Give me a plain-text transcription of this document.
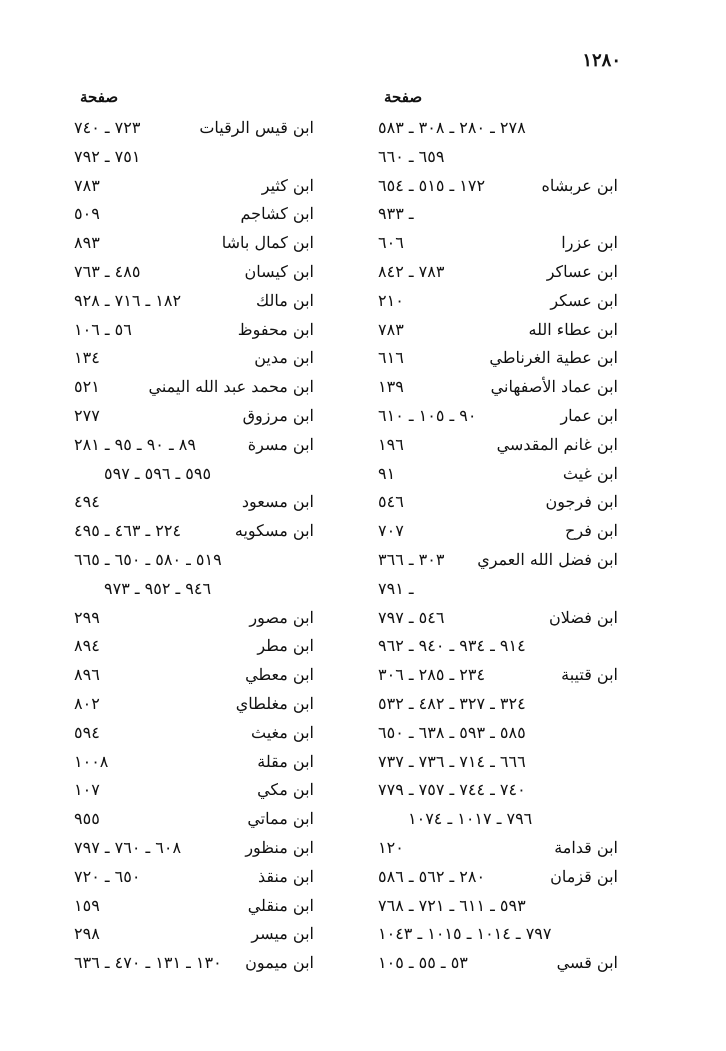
١٢٨٠
صفحة
٢٧٨ ـ ٢٨٠ ـ ٣٠٨ ـ ٥٨٣
٦٥٩ ـ ٦٦٠
ابن عربشاه
١٧٢ ـ ٥١٥ ـ ٦٥٤
ـ ٩٣٣
ابن عزرا
٦٠٦
ابن عساكر
٧٨٣ ـ ٨٤٢
ابن عسكر
٢١٠
ابن عطاء الله
٧٨٣
ابن عطية الغرناطي
٦١٦
ابن عماد الأصفهاني
١٣٩
ابن عمار
٩٠ ـ ١٠٥ ـ ٦١٠
ابن غانم المقدسي
١٩٦
ابن غيث
٩١
ابن فرجون
٥٤٦
ابن فرح
٧٠٧
ابن فضل الله العمري
٣٠٣ ـ ٣٦٦
ـ ٧٩١
ابن فضلان
٥٤٦ ـ ٧٩٧
٩١٤ ـ ٩٣٤ ـ ٩٤٠ ـ ٩٦٢
ابن قتيبة
٢٣٤ ـ ٢٨٥ ـ ٣٠٦
٣٢٤ ـ ٣٢٧ ـ ٤٨٢ ـ ٥٣٢
٥٨٥ ـ ٥٩٣ ـ ٦٣٨ ـ ٦٥٠
٦٦٦ ـ ٧١٤ ـ ٧٣٦ ـ ٧٣٧
٧٤٠ ـ ٧٤٤ ـ ٧٥٧ ـ ٧٧٩
٧٩٦ ـ ١٠١٧ ـ ١٠٧٤
ابن قدامة
١٢٠
ابن قزمان
٢٨٠ ـ ٥٦٢ ـ ٥٨٦
٥٩٣ ـ ٦١١ ـ ٧٢١ ـ ٧٦٨
٧٩٧ ـ ١٠١٤ ـ ١٠١٥ ـ ١٠٤٣
ابن قسي
٥٣ ـ ٥٥ ـ ١٠٥
صفحة
ابن قيس الرقيات
٧٢٣ ـ ٧٤٠
٧٥١ ـ ٧٩٢
ابن كثير
٧٨٣
ابن كشاجم
٥٠٩
ابن كمال باشا
٨٩٣
ابن كيسان
٤٨٥ ـ ٧٦٣
ابن مالك
١٨٢ ـ ٧١٦ ـ ٩٢٨
ابن محفوظ
٥٦ ـ ١٠٦
ابن مدين
١٣٤
ابن محمد عبد الله اليمني
٥٢١
ابن مرزوق
٢٧٧
ابن مسرة
٨٩ ـ ٩٠ ـ ٩٥ ـ ٢٨١
٥٩٥ ـ ٥٩٦ ـ ٥٩٧
ابن مسعود
٤٩٤
ابن مسكويه
٢٢٤ ـ ٤٦٣ ـ ٤٩٥
٥١٩ ـ ٥٨٠ ـ ٦٥٠ ـ ٦٦٥
٩٤٦ ـ ٩٥٢ ـ ٩٧٣
ابن مصور
٢٩٩
ابن مطر
٨٩٤
ابن معطي
٨٩٦
ابن مغلطاي
٨٠٢
ابن مغيث
٥٩٤
ابن مقلة
١٠٠٨
ابن مكي
١٠٧
ابن مماتي
٩٥٥
ابن منظور
٦٠٨ ـ ٧٦٠ ـ ٧٩٧
ابن منقذ
٦٥٠ ـ ٧٢٠
ابن منقلي
١٥٩
ابن ميسر
٢٩٨
ابن ميمون
١٣٠ ـ ١٣١ ـ ٤٧٠ ـ ٦٣٦
